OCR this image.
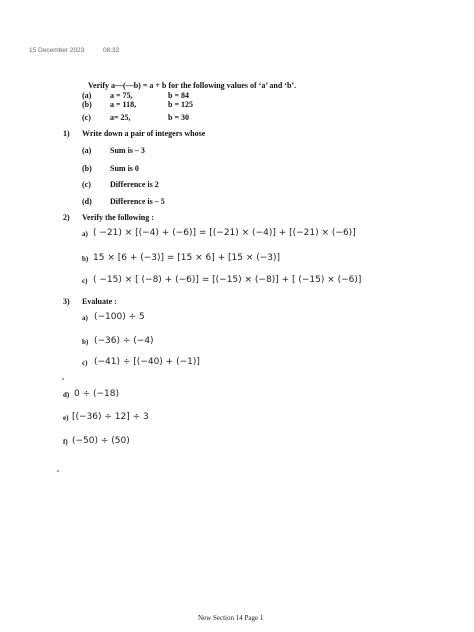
15 December 2023	08:32
Verify a—(—b) = a + b for the following values of ‘a’ and ‘b’.
(a) a = 75,	b = 84
(b) a = 118,	b = 125
(c) a= 25,	b = 30
1) Write down a pair of integers whose
(a) Sum is – 3
(b) Sum is 0
(c) Difference is 2
(d) Difference is – 5
2) Verify the following :
a) ( −21) × [(−4) + (−6)] = [(−21) × (−4)] + [(−21) × (−6)]
b) 15 × [6 + (−3)] = [15 × 6] + [15 × (−3)]
c) ( −15) × [ (−8) + (−6)] = [(−15) × (−8)] + [ (−15) × (−6)]
3) Evaluate :
a) (−100) ÷ 5
b) (−36) ÷ (−4)
c) (−41) ÷ [(−40) + (−1)]
d) 0 ÷ (−18)
e) [(−36) ÷ 12] ÷ 3
f) (−50) ÷ (50)
New Section 14 Page 1
